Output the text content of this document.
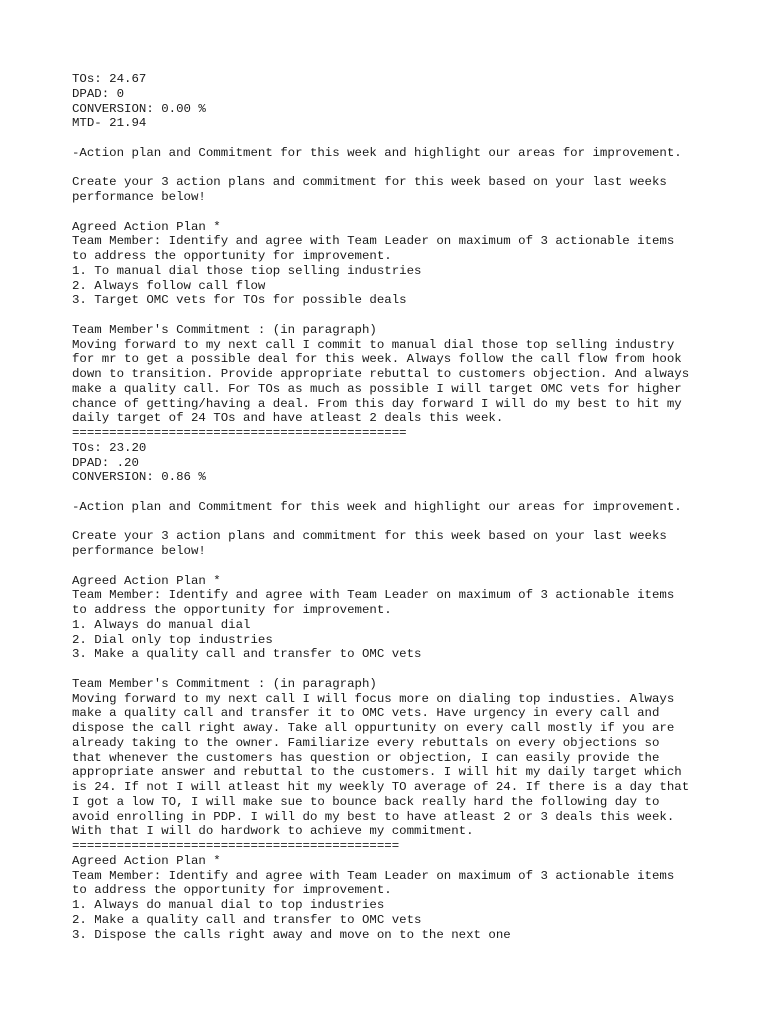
TOs: 24.67
DPAD: 0
CONVERSION: 0.00 %
MTD- 21.94
-Action plan and Commitment for this week and highlight our areas for improvement.
Create your 3 action plans and commitment for this week based on your last weeks
performance below!
Agreed Action Plan *
Team Member: Identify and agree with Team Leader on maximum of 3 actionable items
to address the opportunity for improvement.
1. To manual dial those tiop selling industries
2. Always follow call flow
3. Target OMC vets for TOs for possible deals
Team Member's Commitment : (in paragraph)
Moving forward to my next call I commit to manual dial those top selling industry
for mr to get a possible deal for this week. Always follow the call flow from hook
down to transition. Provide appropriate rebuttal to customers objection. And always
make a quality call. For TOs as much as possible I will target OMC vets for higher
chance of getting/having a deal. From this day forward I will do my best to hit my
daily target of 24 TOs and have atleast 2 deals this week.
=============================================
TOs: 23.20
DPAD: .20
CONVERSION: 0.86 %
-Action plan and Commitment for this week and highlight our areas for improvement.
Create your 3 action plans and commitment for this week based on your last weeks
performance below!
Agreed Action Plan *
Team Member: Identify and agree with Team Leader on maximum of 3 actionable items
to address the opportunity for improvement.
1. Always do manual dial
2. Dial only top industries
3. Make a quality call and transfer to OMC vets
Team Member's Commitment : (in paragraph)
Moving forward to my next call I will focus more on dialing top industies. Always
make a quality call and transfer it to OMC vets. Have urgency in every call and
dispose the call right away. Take all oppurtunity on every call mostly if you are
already taking to the owner. Familiarize every rebuttals on every objections so
that whenever the customers has question or objection, I can easily provide the
appropriate answer and rebuttal to the customers. I will hit my daily target which
is 24. If not I will atleast hit my weekly TO average of 24. If there is a day that
I got a low TO, I will make sue to bounce back really hard the following day to
avoid enrolling in PDP. I will do my best to have atleast 2 or 3 deals this week.
With that I will do hardwork to achieve my commitment.
============================================
Agreed Action Plan *
Team Member: Identify and agree with Team Leader on maximum of 3 actionable items
to address the opportunity for improvement.
1. Always do manual dial to top industries
2. Make a quality call and transfer to OMC vets
3. Dispose the calls right away and move on to the next one
